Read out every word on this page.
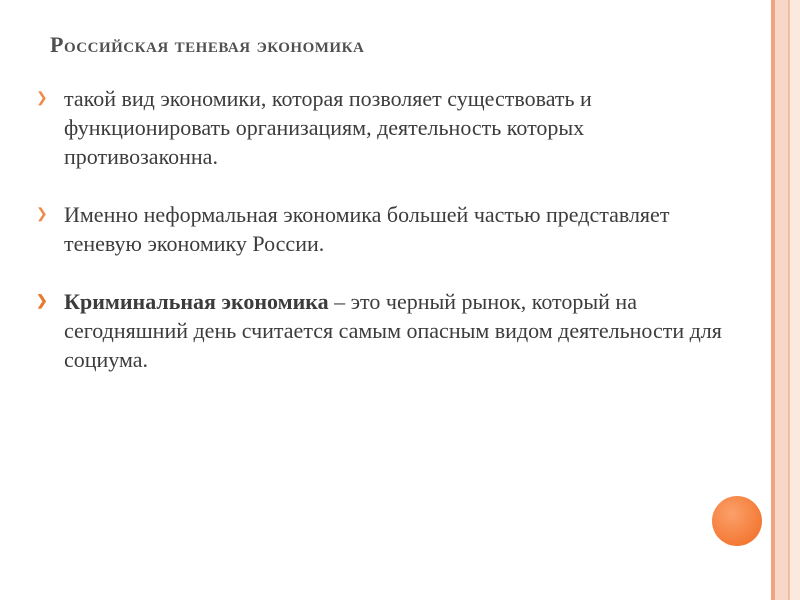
Российская теневая экономика
❯ такой вид экономики, которая позволяет существовать и функционировать организациям, деятельность которых противозаконна.
❯ Именно неформальная экономика большей частью представляет теневую экономику России.
❯ Криминальная экономика – это черный рынок, который на сегодняшний день считается самым опасным видом деятельности для социума.
